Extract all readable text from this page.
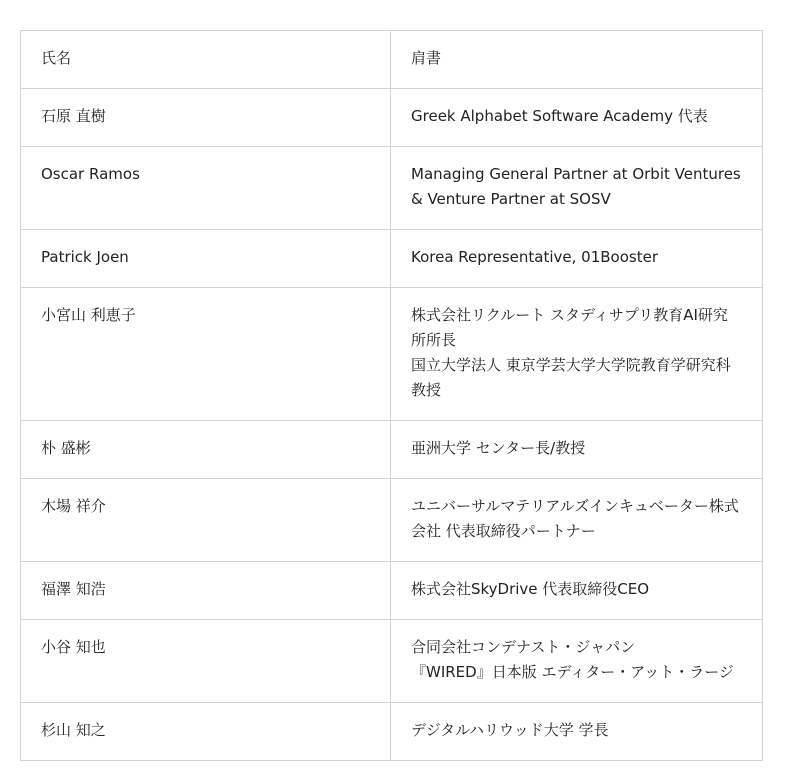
氏名	肩書
石原 直樹	Greek Alphabet Software Academy 代表

Oscar Ramos	Managing General Partner at Orbit Ventures & Venture Partner at SOSV

Patrick Joen	Korea Representative, 01Booster

小宮山 利恵子	株式会社リクルート スタディサプリ教育AI研究所所長
国立大学法人 東京学芸大学大学院教育学研究科教授

朴 盛彬	亜洲大学 センター長/教授

木場 祥介	ユニバーサルマテリアルズインキュベーター株式会社 代表取締役パートナー

福澤 知浩	株式会社SkyDrive 代表取締役CEO

小谷 知也	合同会社コンデナスト・ジャパン
『WIRED』日本版 エディター・アット・ラージ

杉山 知之	デジタルハリウッド大学 学長
